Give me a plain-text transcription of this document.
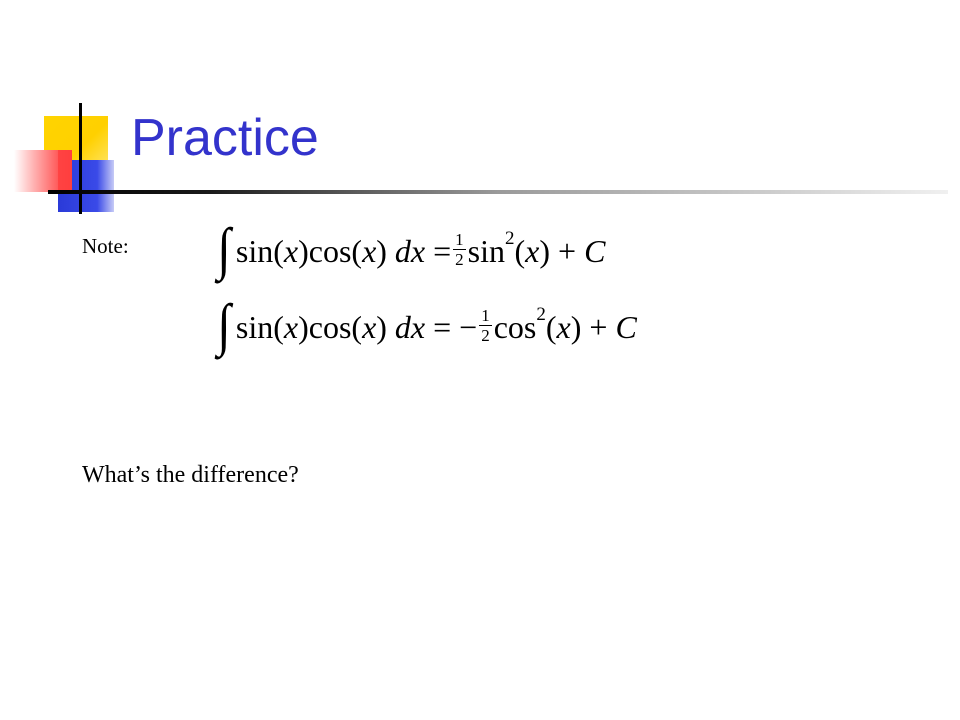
Practice
Note: ∫ sin( x )cos( x ) d $x = \frac{1}{2}$ sin 2 ( x ) + C
∫ sin( x )cos( x ) d x = − $\frac{1}{2}$ cos 2 ( x ) + C
What’s the difference?
